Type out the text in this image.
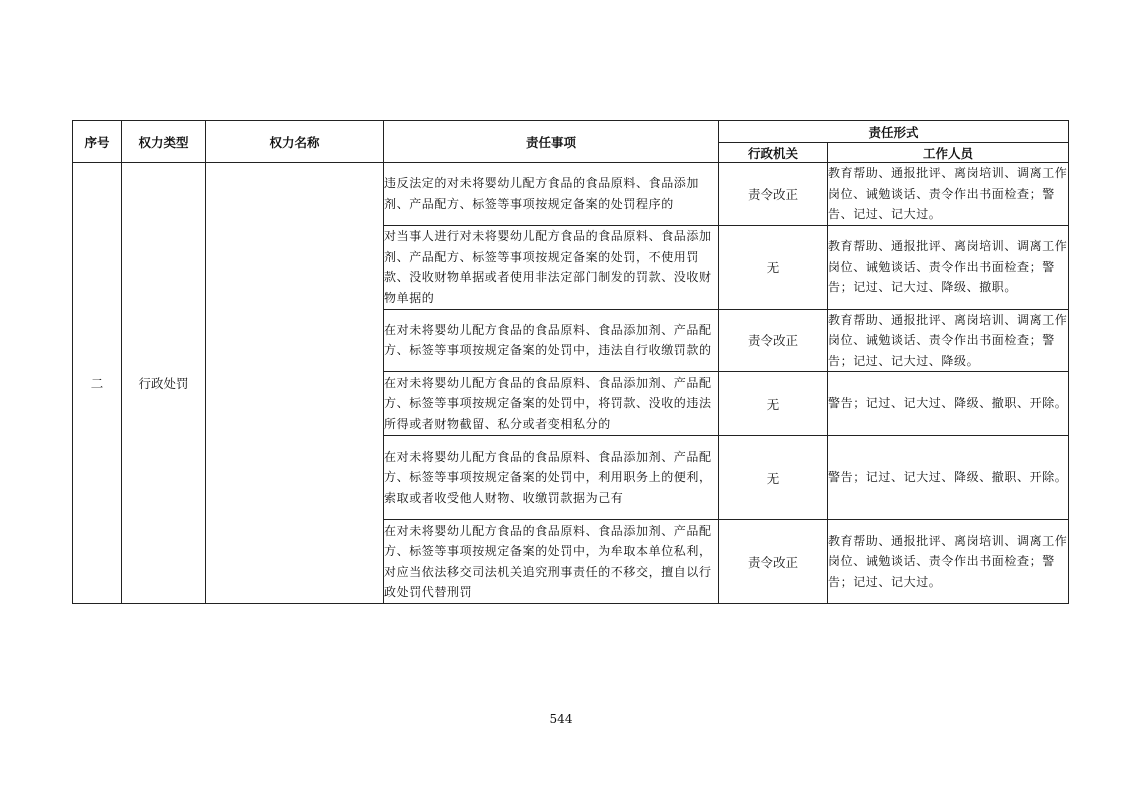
序号	权力类型	权力名称	责任事项	责任形式	
				行政机关	工作人员
二	行政处罚		违反法定的对未将婴幼儿配方食品的食品原料、食品添加剂、产品配方、标签等事项按规定备案的处罚程序的	责令改正	教育帮助、通报批评、离岗培训、调离工作岗位、诫勉谈话、责令作出书面检查；警告、记过、记大过。
			对当事人进行对未将婴幼儿配方食品的食品原料、食品添加剂、产品配方、标签等事项按规定备案的处罚，不使用罚款、没收财物单据或者使用非法定部门制发的罚款、没收财物单据的	无	教育帮助、通报批评、离岗培训、调离工作岗位、诫勉谈话、责令作出书面检查；警告；记过、记大过、降级、撤职。
			在对未将婴幼儿配方食品的食品原料、食品添加剂、产品配方、标签等事项按规定备案的处罚中，违法自行收缴罚款的	责令改正	教育帮助、通报批评、离岗培训、调离工作岗位、诫勉谈话、责令作出书面检查；警告；记过、记大过、降级。
			在对未将婴幼儿配方食品的食品原料、食品添加剂、产品配方、标签等事项按规定备案的处罚中，将罚款、没收的违法所得或者财物截留、私分或者变相私分的	无	警告；记过、记大过、降级、撤职、开除。
			在对未将婴幼儿配方食品的食品原料、食品添加剂、产品配方、标签等事项按规定备案的处罚中，利用职务上的便利，索取或者收受他人财物、收缴罚款据为己有	无	警告；记过、记大过、降级、撤职、开除。
			在对未将婴幼儿配方食品的食品原料、食品添加剂、产品配方、标签等事项按规定备案的处罚中，为牟取本单位私利，对应当依法移交司法机关追究刑事责任的不移交，擅自以行政处罚代替刑罚	责令改正	教育帮助、通报批评、离岗培训、调离工作岗位、诫勉谈话、责令作出书面检查；警告；记过、记大过。
544
